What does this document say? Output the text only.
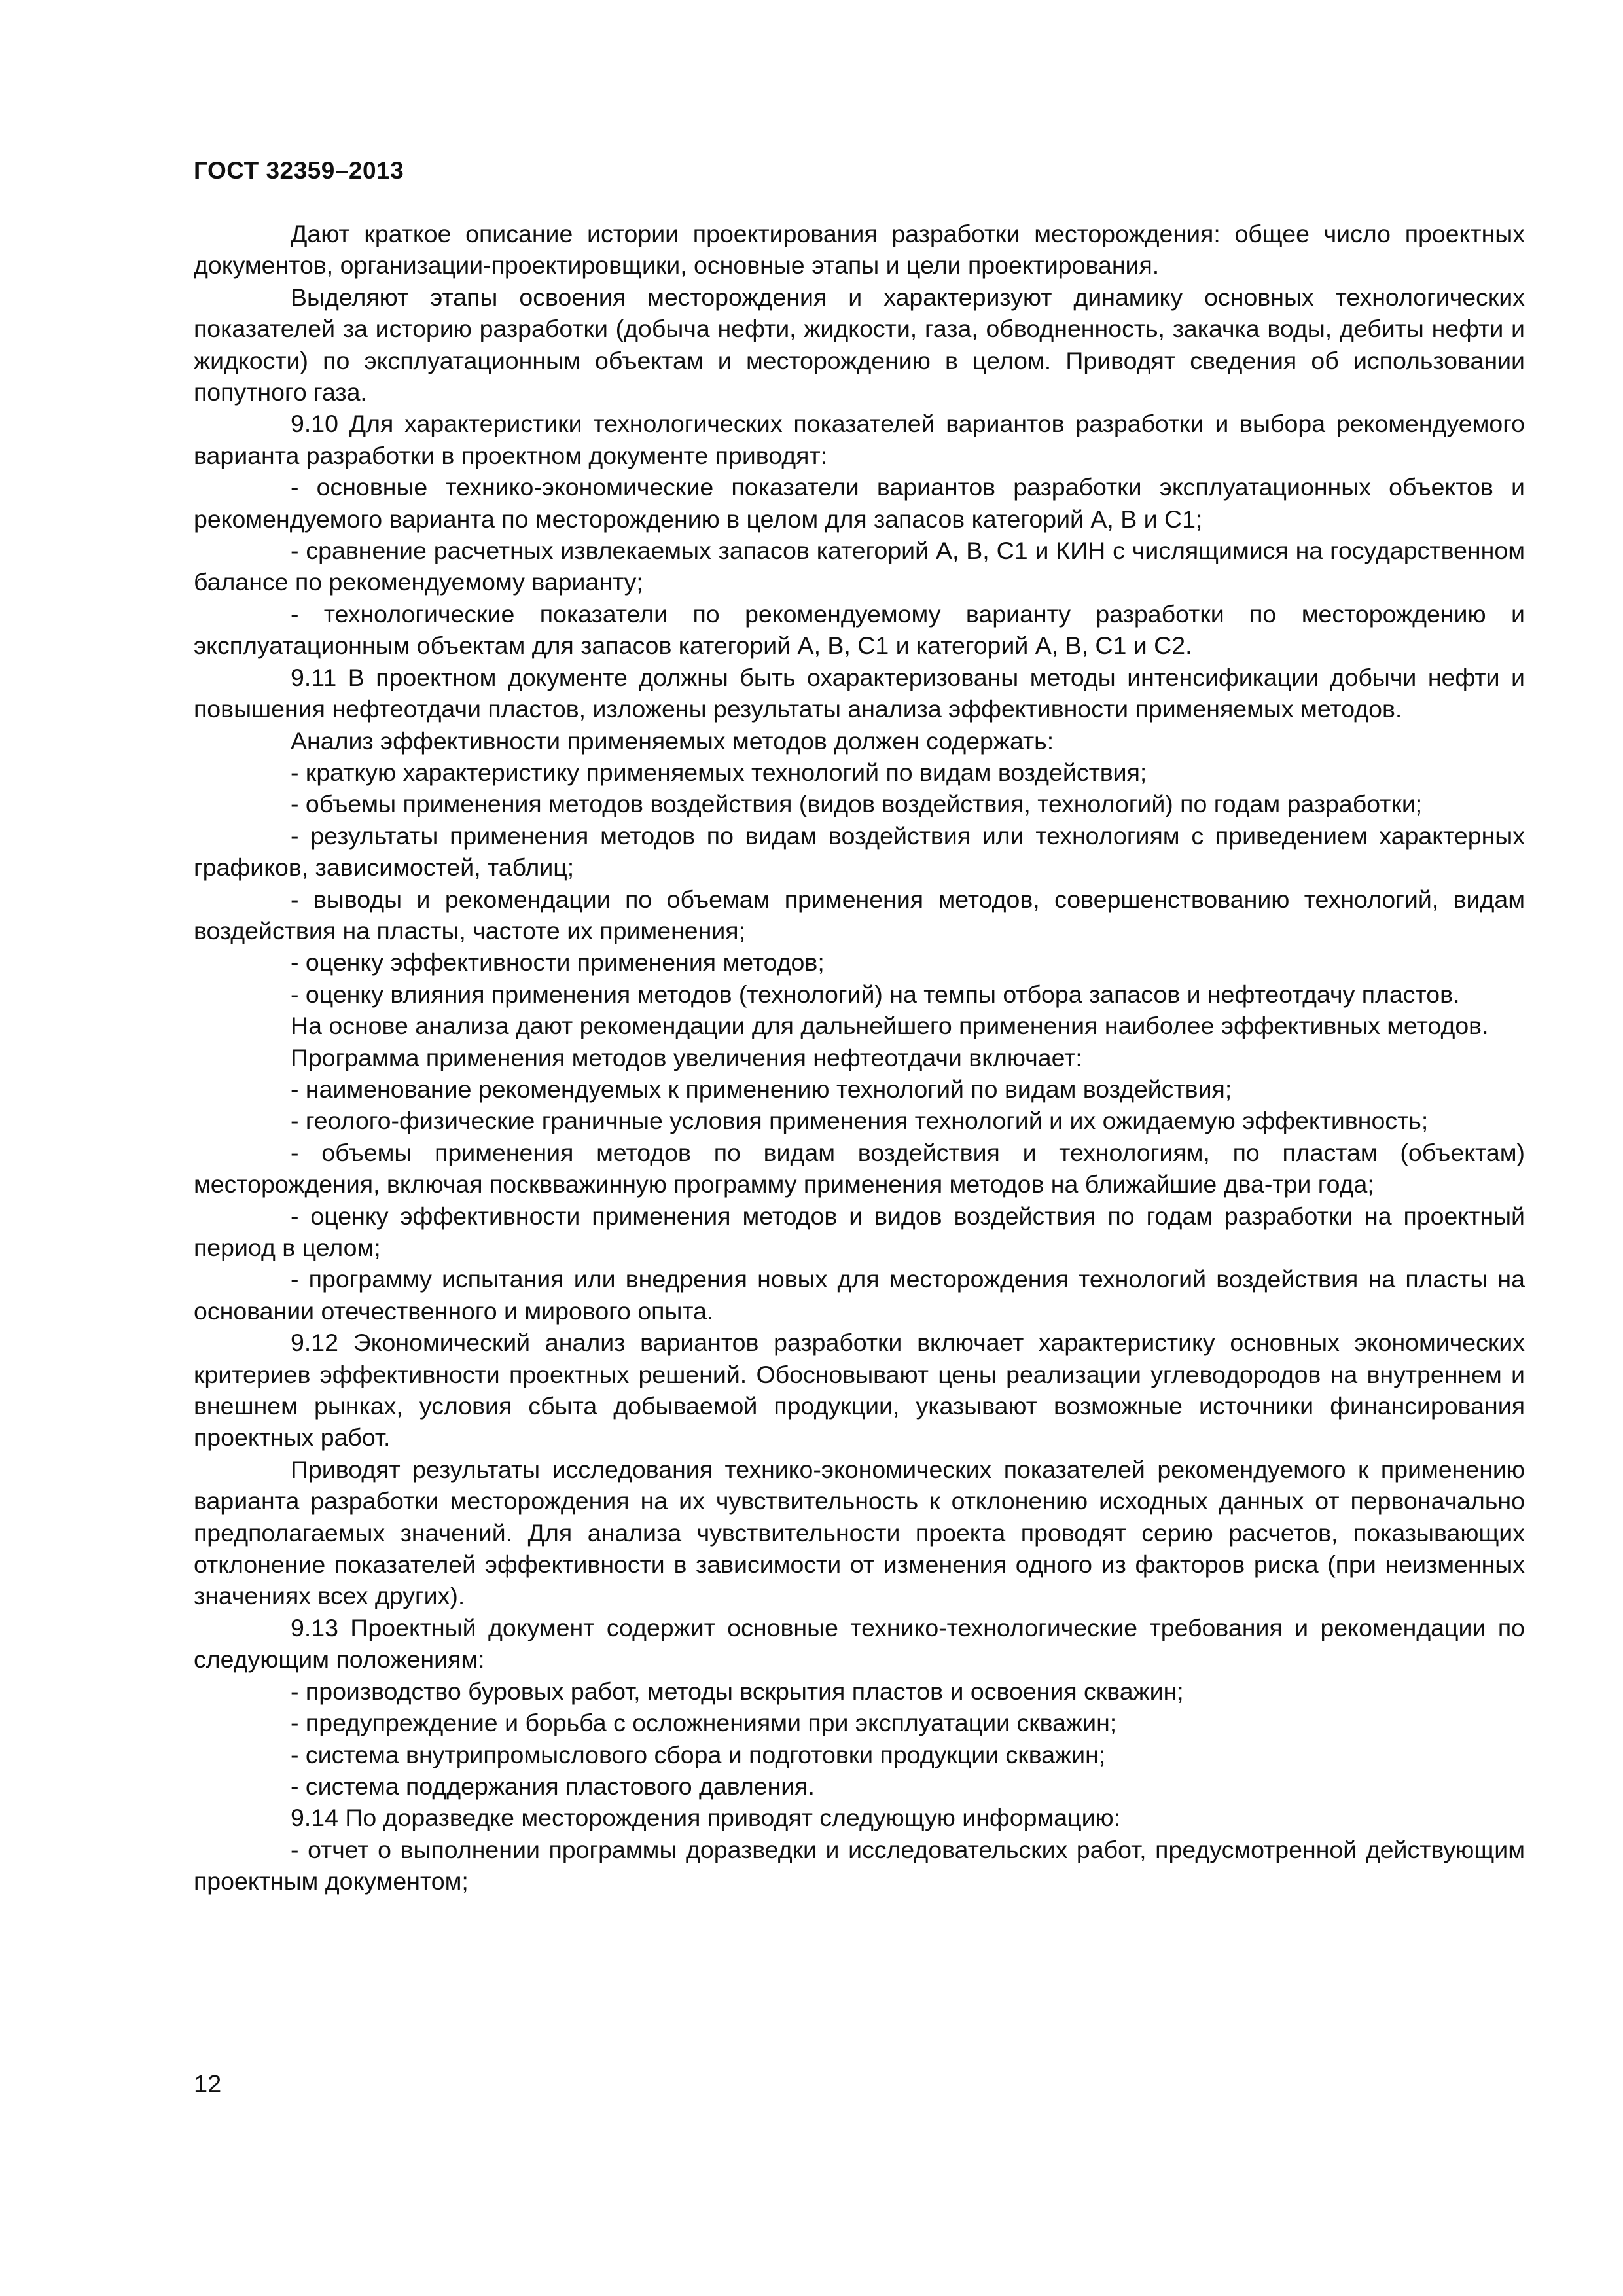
ГОСТ 32359–2013

Дают краткое описание истории проектирования разработки месторождения: общее число проектных документов, организации-проектировщики, основные этапы и цели проектирования.

Выделяют этапы освоения месторождения и характеризуют динамику основных технологических показателей за историю разработки (добыча нефти, жидкости, газа, обводненность, закачка воды, дебиты нефти и жидкости) по эксплуатационным объектам и месторождению в целом. Приводят сведения об использовании попутного газа.

9.10 Для характеристики технологических показателей вариантов разработки и выбора рекомендуемого варианта разработки в проектном документе приводят:

- основные технико-экономические показатели вариантов разработки эксплуатационных объектов и рекомендуемого варианта по месторождению в целом для запасов категорий А, В и С1;

- сравнение расчетных извлекаемых запасов категорий А, В, С1 и КИН с числящимися на государственном балансе по рекомендуемому варианту;

- технологические показатели по рекомендуемому варианту разработки по месторождению и эксплуатационным объектам для запасов категорий А, В, С1 и категорий А, В, С1 и С2.

9.11 В проектном документе должны быть охарактеризованы методы интенсификации добычи нефти и повышения нефтеотдачи пластов, изложены результаты анализа эффективности применяемых методов.

Анализ эффективности применяемых методов должен содержать:

- краткую характеристику применяемых технологий по видам воздействия;

- объемы применения методов воздействия (видов воздействия, технологий) по годам разработки;

- результаты применения методов по видам воздействия или технологиям с приведением характерных графиков, зависимостей, таблиц;

- выводы и рекомендации по объемам применения методов, совершенствованию технологий, видам воздействия на пласты, частоте их применения;

- оценку эффективности применения методов;

- оценку влияния применения методов (технологий) на темпы отбора запасов и нефтеотдачу пластов.

На основе анализа дают рекомендации для дальнейшего применения наиболее эффективных методов.

Программа применения методов увеличения нефтеотдачи включает:

- наименование рекомендуемых к применению технологий по видам воздействия;

- геолого-физические граничные условия применения технологий и их ожидаемую эффективность;

- объемы применения методов по видам воздействия и технологиям, по пластам (объектам) месторождения, включая посквважинную программу применения методов на ближайшие два-три года;

- оценку эффективности применения методов и видов воздействия по годам разработки на проектный период в целом;

- программу испытания или внедрения новых для месторождения технологий воздействия на пласты на основании отечественного и мирового опыта.

9.12 Экономический анализ вариантов разработки включает характеристику основных экономических критериев эффективности проектных решений. Обосновывают цены реализации углеводородов на внутреннем и внешнем рынках, условия сбыта добываемой продукции, указывают возможные источники финансирования проектных работ.

Приводят результаты исследования технико-экономических показателей рекомендуемого к применению варианта разработки месторождения на их чувствительность к отклонению исходных данных от первоначально предполагаемых значений. Для анализа чувствительности проекта проводят серию расчетов, показывающих отклонение показателей эффективности в зависимости от изменения одного из факторов риска (при неизменных значениях всех других).

9.13 Проектный документ содержит основные технико-технологические требования и рекомендации по следующим положениям:

- производство буровых работ, методы вскрытия пластов и освоения скважин;

- предупреждение и борьба с осложнениями при эксплуатации скважин;

- система внутрипромыслового сбора и подготовки продукции скважин;

- система поддержания пластового давления.

9.14 По доразведке месторождения приводят следующую информацию:

- отчет о выполнении программы доразведки и исследовательских работ, предусмотренной действующим проектным документом;

12
